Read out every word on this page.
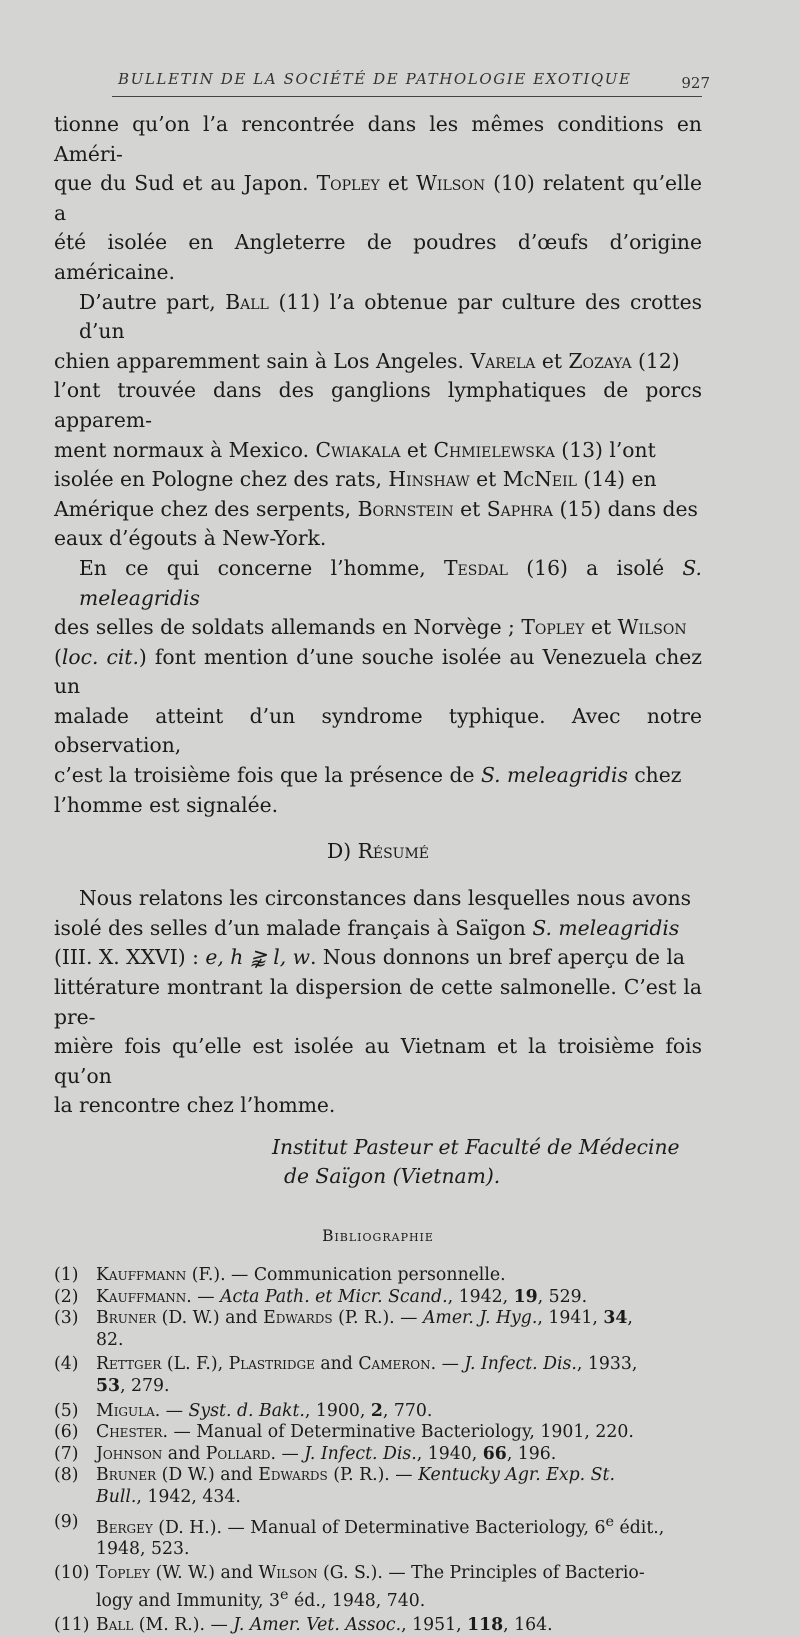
BULLETIN DE LA SOCIÉTÉ DE PATHOLOGIE EXOTIQUE	927

tionne qu’on l’a rencontrée dans les mêmes conditions en Améri-
que du Sud et au Japon. Topley et Wilson (10) relatent qu’elle a
été isolée en Angleterre de poudres d’œufs d’origine américaine.

D’autre part, Ball (11) l’a obtenue par culture des crottes d’un
chien apparemment sain à Los Angeles. Varela et Zozaya (12)
l’ont trouvée dans des ganglions lymphatiques de porcs apparem-
ment normaux à Mexico. Cwiakala et Chmielewska (13) l’ont
isolée en Pologne chez des rats, Hinshaw et McNeil (14) en
Amérique chez des serpents, Bornstein et Saphra (15) dans des
eaux d’égouts à New-York.

En ce qui concerne l’homme, Tesdal (16) a isolé S. meleagridis
des selles de soldats allemands en Norvège ; Topley et Wilson
(loc. cit.) font mention d’une souche isolée au Venezuela chez un
malade atteint d’un syndrome typhique. Avec notre observation,
c’est la troisième fois que la présence de S. meleagridis chez
l’homme est signalée.

D) Résumé

Nous relatons les circonstances dans lesquelles nous avons
isolé des selles d’un malade français à Saïgon S. meleagridis
(III. X. XXVI) : e, h ⪊ l, w. Nous donnons un bref aperçu de la
littérature montrant la dispersion de cette salmonelle. C’est la pre-
mière fois qu’elle est isolée au Vietnam et la troisième fois qu’on
la rencontre chez l’homme.

Institut Pasteur et Faculté de Médecine
de Saïgon (Vietnam).
Bibliographie
(1)	Kauffmann (F.). — Communication personnelle.
(2)	Kauffmann. — Acta Path. et Micr. Scand., 1942, 19, 529.
(3)	Bruner (D. W.) and Edwards (P. R.). — Amer. J. Hyg., 1941, 34,
82.
(4)	Rettger (L. F.), Plastridge and Cameron. — J. Infect. Dis., 1933,
53, 279.
(5)	Migula. — Syst. d. Bakt., 1900, 2, 770.
(6)	Chester. — Manual of Determinative Bacteriology, 1901, 220.
(7)	Johnson and Pollard. — J. Infect. Dis., 1940, 66, 196.
(8)	Bruner (D W.) and Edwards (P. R.). — Kentucky Agr. Exp. St.
Bull., 1942, 434.
(9)	Bergey (D. H.). — Manual of Determinative Bacteriology, 6e édit.,
1948, 523.
(10) Topley (W. W.) and Wilson (G. S.). — The Principles of Bacterio-
logy and Immunity, 3e éd., 1948, 740.
(11) Ball (M. R.). — J. Amer. Vet. Assoc., 1951, 118, 164.
